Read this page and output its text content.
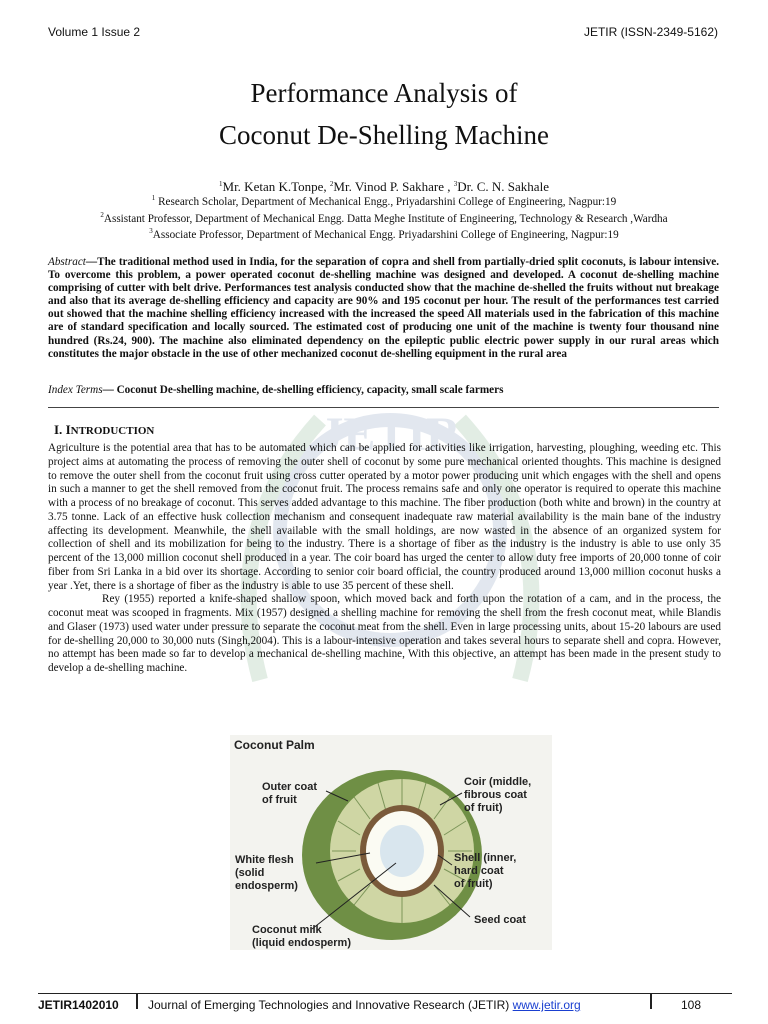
JETIR
Volume 1 Issue 2	JETIR (ISSN-2349-5162)
Performance Analysis of
Coconut De-Shelling Machine
$^1$Mr. Ketan K.Tonpe, $^2$Mr. Vinod P. Sakhare , $^3$Dr. C. N. Sakhale
$^1$ Research Scholar, Department of Mechanical Engg., Priyadarshini College of Engineering, Nagpur:19
$^2$Assistant Professor, Department of Mechanical Engg. Datta Meghe Institute of Engineering, Technology & Research ,Wardha
$^3$Associate Professor, Department of Mechanical Engg. Priyadarshini College of Engineering, Nagpur:19
Abstract—The traditional method used in India, for the separation of copra and shell from partially-dried split coconuts, is labour intensive. To overcome this problem, a power operated coconut de-shelling machine was designed and developed. A coconut de-shelling machine comprising of cutter with belt drive. Performances test analysis conducted show that the machine de-shelled the fruits without nut breakage and also that its average de-shelling efficiency and capacity are 90% and 195 coconut per hour. The result of the performances test carried out showed that the machine shelling efficiency increased with the increased the speed All materials used in the fabrication of this machine are of standard specification and locally sourced. The estimated cost of producing one unit of the machine is twenty four thousand nine hundred (Rs.24, 900). The machine also eliminated dependency on the epileptic public electric power supply in our rural areas which constitutes the major obstacle in the use of other mechanized coconut de-shelling equipment in the rural area
Index Terms— Coconut De-shelling machine, de-shelling efficiency, capacity, small scale farmers
I. INTRODUCTION

Agriculture is the potential area that has to be automated which can be applied for activities like irrigation, harvesting, ploughing, weeding etc. This project aims at automating the process of removing the outer shell of coconut by some pure mechanical oriented thoughts. This machine is designed to remove the outer shell from the coconut fruit using cross cutter operated by a motor power producing unit which engages with the shell and opens in such a manner to get the shell removed from the coconut fruit. The process remains safe and only one operator is required to operate this machine with a process of no breakage of coconut. This serves added advantage to this machine. The fiber production (both white and brown) in the country at 3.75 tonne. Lack of an effective husk collection mechanism and consequent inadequate raw material availability is the main bane of the industry affecting its development. Meanwhile, the shell available with the small holdings, are now wasted in the absence of an organized system for collection of shell and its mobilization for being to the industry. There is a shortage of fiber as the industry is the industry is able to use only 35 percent of the 13,000 million coconut shell produced in a year. The coir board has urged the center to allow duty free imports of 20,000 tonne of coir fiber from Sri Lanka in a bid over its shortage. According to senior coir board official, the country produced around 13,000 million coconut husks a year .Yet, there is a shortage of fiber as the industry is able to use 35 percent of these shell.

Rey (1955) reported a knife-shaped shallow spoon, which moved back and forth upon the rotation of a cam, and in the process, the coconut meat was scooped in fragments. Mix (1957) designed a shelling machine for removing the shell from the fresh coconut meat, while Blandis and Glaser (1973) used water under pressure to separate the coconut meat from the shell. Even in large processing units, about 15-20 labours are used for de-shelling 20,000 to 30,000 nuts (Singh,2004). This is a labour-intensive operation and takes several hours to separate shell and copra. However, no attempt has been made so far to develop a mechanical de-shelling machine, With this objective, an attempt has been made in the present study to develop a de-shelling machine.

Coconut Palm
Outer coat of fruit Coir (middle, fibrous coat of fruit) White flesh (solid endosperm) Shell (inner, hard coat of fruit) Seed coat Coconut milk (liquid endosperm)
JETIR1402010 Journal of Emerging Technologies and Innovative Research (JETIR) www.jetir.org	108
